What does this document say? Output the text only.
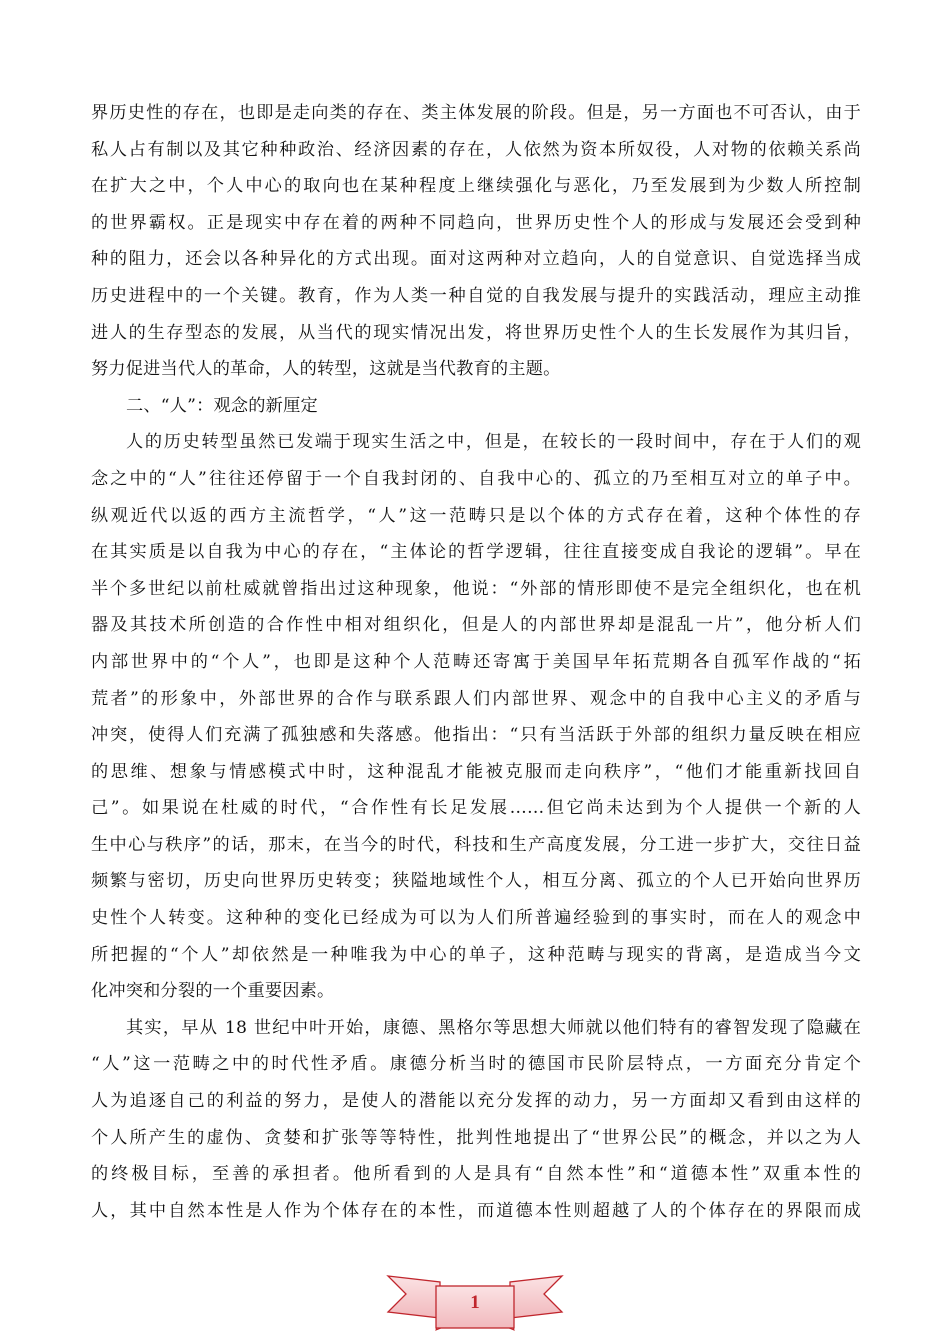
界历史性的存在，也即是走向类的存在、类主体发展的阶段。但是，另一方面也不可否认，由于
私人占有制以及其它种种政治、经济因素的存在，人依然为资本所奴役，人对物的依赖关系尚
在扩大之中，个人中心的取向也在某种程度上继续强化与恶化，乃至发展到为少数人所控制
的世界霸权。正是现实中存在着的两种不同趋向，世界历史性个人的形成与发展还会受到种
种的阻力，还会以各种异化的方式出现。面对这两种对立趋向，人的自觉意识、自觉选择当成
历史进程中的一个关键。教育，作为人类一种自觉的自我发展与提升的实践活动，理应主动推
进人的生存型态的发展，从当代的现实情况出发，将世界历史性个人的生长发展作为其归旨，
努力促进当代人的革命，人的转型，这就是当代教育的主题。
二、“人”：观念的新厘定
人的历史转型虽然已发端于现实生活之中，但是，在较长的一段时间中，存在于人们的观
念之中的“人”往往还停留于一个自我封闭的、自我中心的、孤立的乃至相互对立的单子中。
纵观近代以返的西方主流哲学，“人”这一范畴只是以个体的方式存在着，这种个体性的存
在其实质是以自我为中心的存在，“主体论的哲学逻辑，往往直接变成自我论的逻辑”。早在
半个多世纪以前杜威就曾指出过这种现象，他说：“外部的情形即使不是完全组织化，也在机
器及其技术所创造的合作性中相对组织化，但是人的内部世界却是混乱一片”，他分析人们
内部世界中的“个人”，也即是这种个人范畴还寄寓于美国早年拓荒期各自孤军作战的“拓
荒者”的形象中，外部世界的合作与联系跟人们内部世界、观念中的自我中心主义的矛盾与
冲突，使得人们充满了孤独感和失落感。他指出：“只有当活跃于外部的组织力量反映在相应
的思维、想象与情感模式中时，这种混乱才能被克服而走向秩序”，“他们才能重新找回自
己”。如果说在杜威的时代，“合作性有长足发展……但它尚未达到为个人提供一个新的人
生中心与秩序”的话，那末，在当今的时代，科技和生产高度发展，分工进一步扩大，交往日益
频繁与密切，历史向世界历史转变；狭隘地域性个人，相互分离、孤立的个人已开始向世界历
史性个人转变。这种种的变化已经成为可以为人们所普遍经验到的事实时，而在人的观念中
所把握的“个人”却依然是一种唯我为中心的单子，这种范畴与现实的背离，是造成当今文
化冲突和分裂的一个重要因素。
其实，早从 18 世纪中叶开始，康德、黑格尔等思想大师就以他们特有的睿智发现了隐藏在
“人”这一范畴之中的时代性矛盾。康德分析当时的德国市民阶层特点，一方面充分肯定个
人为追逐自己的利益的努力，是使人的潜能以充分发挥的动力，另一方面却又看到由这样的
个人所产生的虚伪、贪婪和扩张等等特性，批判性地提出了“世界公民”的概念，并以之为人
的终极目标，至善的承担者。他所看到的人是具有“自然本性”和“道德本性”双重本性的
人，其中自然本性是人作为个体存在的本性，而道德本性则超越了人的个体存在的界限而成
1
